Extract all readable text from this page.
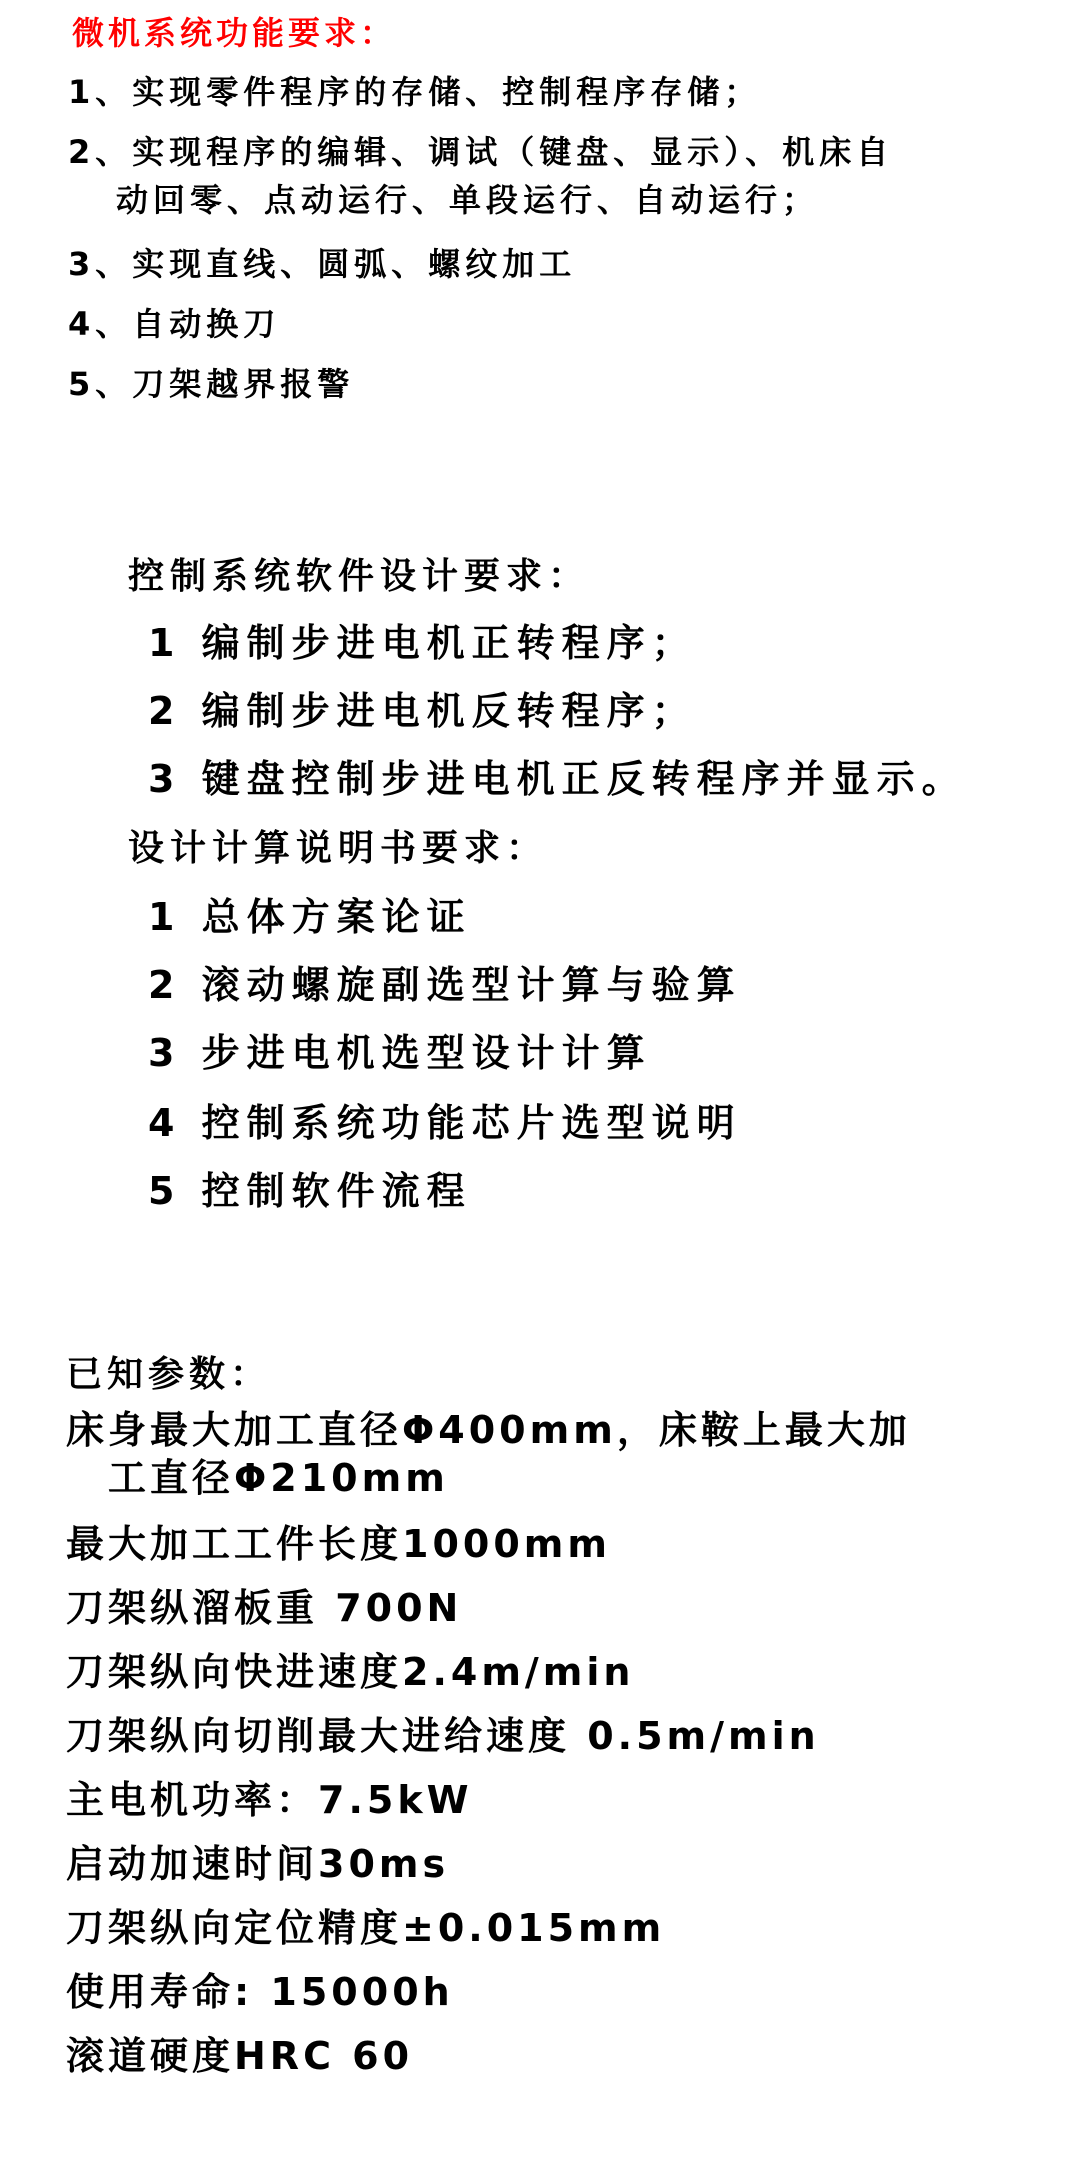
微机系统功能要求：
1、实现零件程序的存储、控制程序存储；
2、实现程序的编辑、调试（键盘、显示）、机床自
动回零、点动运行、单段运行、自动运行；
3、实现直线、圆弧、螺纹加工
4、自动换刀
5、刀架越界报警
控制系统软件设计要求：
1 编制步进电机正转程序；
2 编制步进电机反转程序；
3 键盘控制步进电机正反转程序并显示。
设计计算说明书要求：
1 总体方案论证
2 滚动螺旋副选型计算与验算
3 步进电机选型设计计算
4 控制系统功能芯片选型说明
5 控制软件流程
已知参数：
床身最大加工直径Φ400mm，床鞍上最大加
工直径Φ210mm
最大加工工件长度1000mm
刀架纵溜板重 700N
刀架纵向快进速度2.4m/min
刀架纵向切削最大进给速度 0.5m/min
主电机功率：7.5kW
启动加速时间30ms
刀架纵向定位精度±0.015mm
使用寿命: 15000h
滚道硬度HRC 60
